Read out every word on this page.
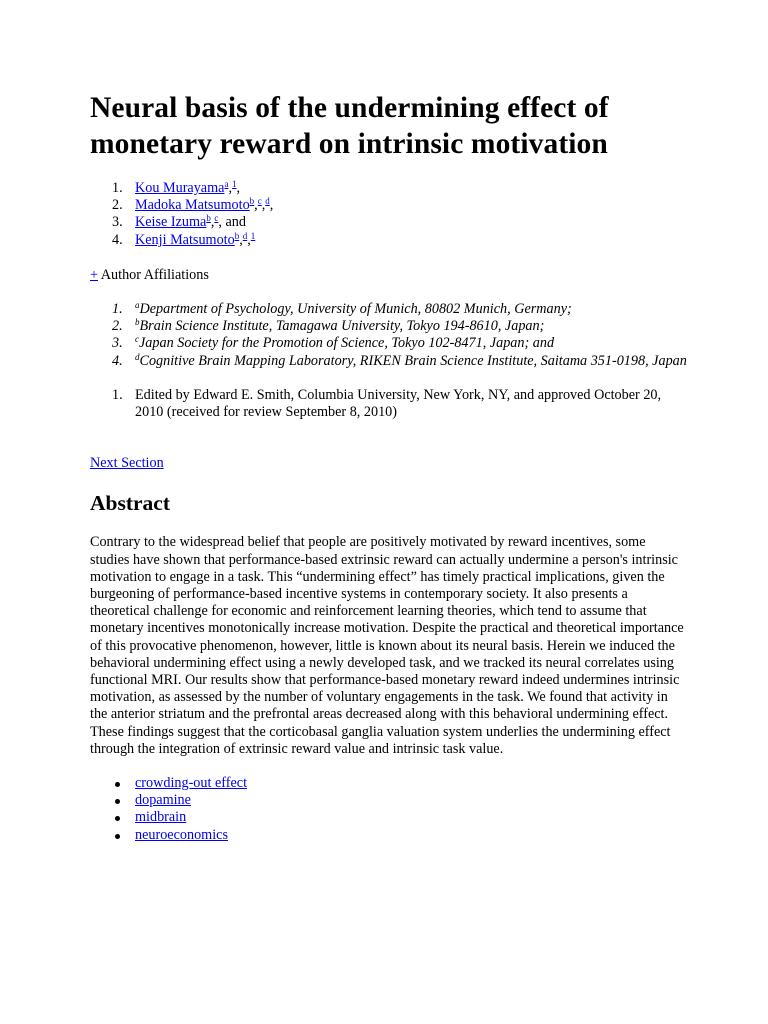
Neural basis of the undermining effect of monetary reward on intrinsic motivation
1. Kou Murayama$^a$,$^1$,
2. Madoka Matsumoto$^b$,$^c$,$^d$,
3. Keise Izuma$^b$,$^c$, and
4. Kenji Matsumoto$^b$,$^d$,$^1$
+ Author Affiliations
1. $^a$Department of Psychology, University of Munich, 80802 Munich, Germany;
2. $^b$Brain Science Institute, Tamagawa University, Tokyo 194-8610, Japan;
3. $^c$Japan Society for the Promotion of Science, Tokyo 102-8471, Japan; and
4. $^d$Cognitive Brain Mapping Laboratory, RIKEN Brain Science Institute, Saitama 351-0198, Japan
1. Edited by Edward E. Smith, Columbia University, New York, NY, and approved October 20, 2010 (received for review September 8, 2010)
Next Section
Abstract

Contrary to the widespread belief that people are positively motivated by reward incentives, some studies have shown that performance-based extrinsic reward can actually undermine a person's intrinsic motivation to engage in a task. This “undermining effect” has timely practical implications, given the burgeoning of performance-based incentive systems in contemporary society. It also presents a theoretical challenge for economic and reinforcement learning theories, which tend to assume that monetary incentives monotonically increase motivation. Despite the practical and theoretical importance of this provocative phenomenon, however, little is known about its neural basis. Herein we induced the behavioral undermining effect using a newly developed task, and we tracked its neural correlates using functional MRI. Our results show that performance-based monetary reward indeed undermines intrinsic motivation, as assessed by the number of voluntary engagements in the task. We found that activity in the anterior striatum and the prefrontal areas decreased along with this behavioral undermining effect. These findings suggest that the corticobasal ganglia valuation system underlies the undermining effect through the integration of extrinsic reward value and intrinsic task value.

crowding-out effect
dopamine
midbrain
neuroeconomics
